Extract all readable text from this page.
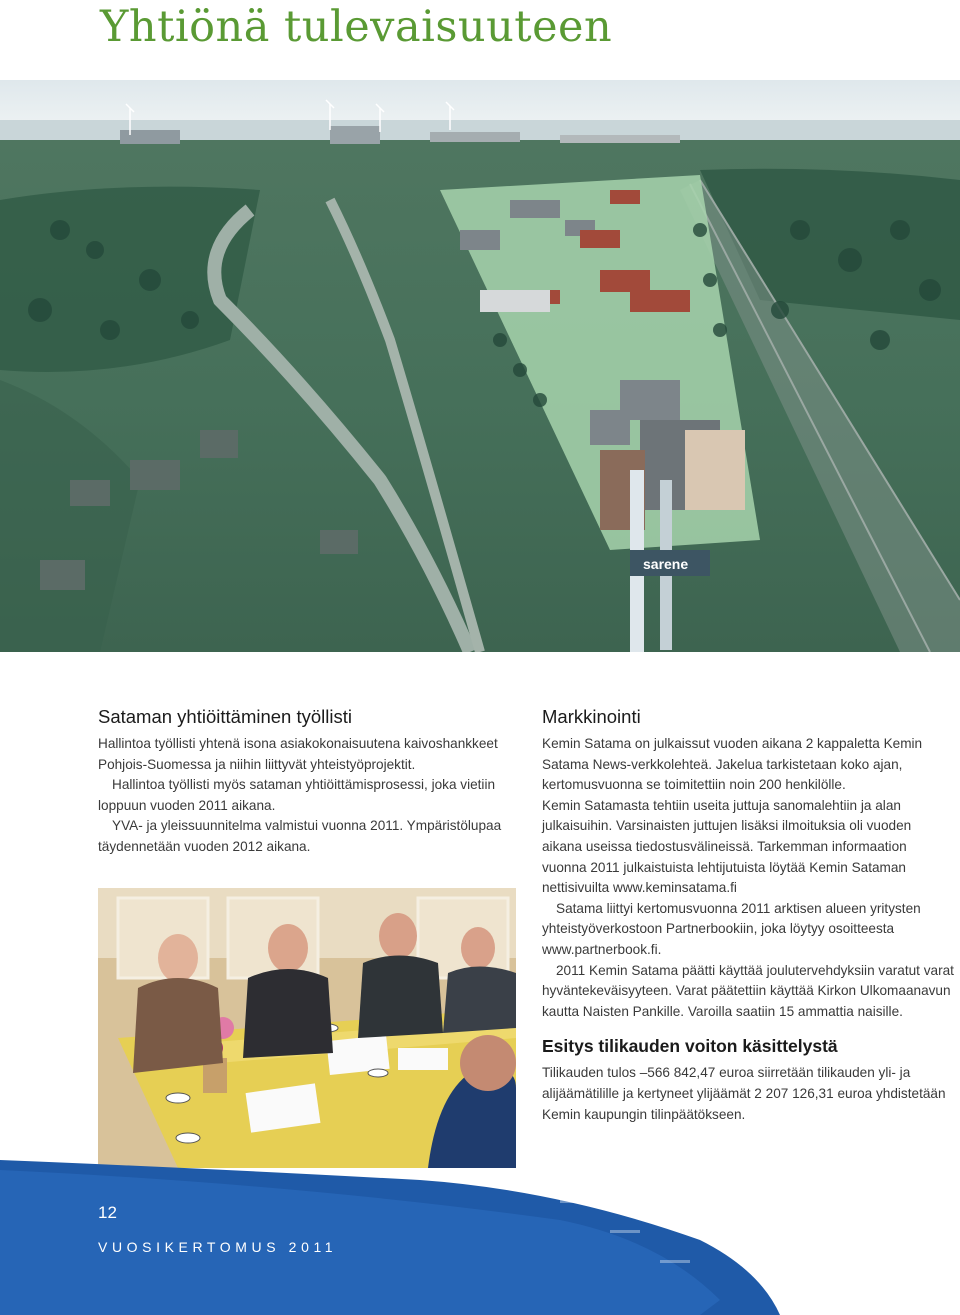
Yhtiönä tulevaisuuteen
sarene
Sataman yhtiöittäminen työllisti

Hallintoa työllisti yhtenä isona asiakokonaisuutena kaivoshankkeet Pohjois-Suomessa ja niihin liittyvät yhteistyöprojektit.

Hallintoa työllisti myös sataman yhtiöittämisprosessi, joka vietiin loppuun vuoden 2011 aikana.

YVA- ja yleissuunnitelma valmistui vuonna 2011. Ympäristölupaa täydennetään vuoden 2012 aikana.

Markkinointi

Kemin Satama on julkaissut vuoden aikana 2 kappaletta Kemin Satama News-verkkolehteä. Jakelua tarkistetaan koko ajan, kertomusvuonna se toimitettiin noin 200 henkilölle.

Kemin Satamasta tehtiin useita juttuja sanomalehtiin ja alan julkaisuihin. Varsinaisten juttujen lisäksi ilmoituksia oli vuoden aikana useissa tiedostusvälineissä. Tarkemman informaation vuonna 2011 julkaistuista lehtijutuista löytää Kemin Sataman nettisivuilta www.keminsatama.fi

Satama liittyi kertomusvuonna 2011 arktisen alueen yritysten yhteistyöverkostoon Partnerbookiin, joka löytyy osoitteesta www.partnerbook.fi.

2011 Kemin Satama päätti käyttää joulutervehdyksiin varatut varat hyväntekeväisyyteen. Varat päätettiin käyttää Kirkon Ulkomaanavun kautta Naisten Pankille. Varoilla saatiin 15 ammattia naisille.

Esitys tilikauden voiton käsittelystä

Tilikauden tulos –566 842,47 euroa siirretään tilikauden yli- ja alijäämätilille ja kertyneet ylijäämät 2 207 126,31 euroa yhdistetään Kemin kaupungin tilinpäätökseen.

12
VUOSIKERTOMUS 2011
